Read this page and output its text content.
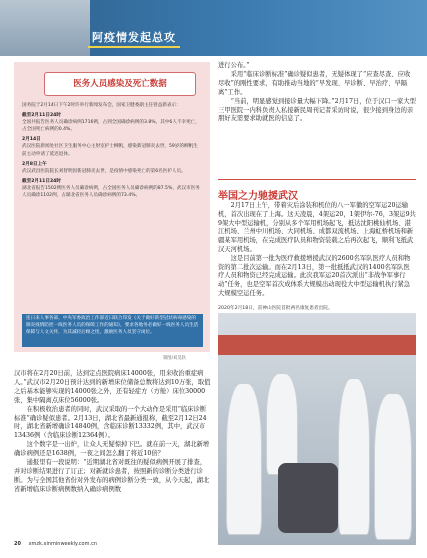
阿疫情发起总攻
医务人员感染及死亡数据
国务院于2月14日下午2时许举行新闻发布会，国家卫健委副主任曾益新表示：
截至2月11日24时
全国共报告医务人员确诊病例1716例，占到全国确诊病例的3.8%，其中6人不幸死亡，占全国死亡病例的0.4%。
2月14日
武汉医院新闻处社区卫生服务中心主射室护士柳帆，感染新冠肺炎去世，59岁的柳帆生前主动申请了延迟退休。
2月8日上午
武汉武昌医院院长刘智明因新冠肺炎去世，是疫情中感染死亡的第6名医护人员。
截至2月11日24时
湖北省报告1502例医务人员确诊病例，占全国医务人员确诊病例的87.5%，武汉市医务人员确诊1102例，占湖北省医务人员确诊病例的73.4%。
连日来人事各部、中央军委政治工作部近日联合印发《关于做好新型冠状病毒感染的肺炎疫情防控一线医务人员的保障工作的通知》，要求各地务必做好一线医务人员生活保障与人文关怀，为其减轻后顾之忧，激励医务人员坚守岗位。
制图/刘昊轶

进行公布。”

采用“临床诊断标准”确诊疑似患者，无疑体现了“应查尽查、应收尽收”的刚性要求，有助推动当地的“早发现、早诊断、早治疗、早隔离”工作。

“当前，明显感觉到接诊量大幅下降。”2月17日，位于汉口一家大型三甲医院一内科负责人私接新民周刊记者采访时说，很少接到身边的亲朋好友需要求助就医的信息了。

举国之力驰援武汉

2月17日上午，带着灾后涂装和机位的八一军徽的空军运20运输机，首次出现在了上海。这天凌晨，4架运20，1架伊尔-76，3架运9共9架大中型运输机，分别从多个军用机场起飞，抵达沈阳桃仙机场、湛江机场、兰州中川机场、大同机场、成都双流机场、上海虹桥机场和新疆某军用机场，在完成医疗队员和物资装载之后再次起飞，顺利飞抵武汉天河机场。

这是目前第一批为医疗救援增援武汉的2600名军队医疗人员和物资的第二批次运输。而在2月13日，第一批抵抵武汉的1400名军队医疗人员和物资已经完成运输。此次我军运20首次派出“非战争军事行动”任务，也是空军首次成体系大规模出动现役大中型运输机执行紧急大规模空运任务。

2020年2月18日，雷神山医院首批两名康复患者出院。

汉市将在2月20日前，达到定点医院病床14000张，用来收治重症病人。”武汉市2月20日预计达到的新增床位储备总数将达到10万张，取值之后基本能够实现的14000张之外，还有轻症方（方舱）床位30000张，集中隔离点床位56000张。

在积极收治患者的同时，武汉采取的一个大动作是采用“临床诊断标准”确诊疑似患者。2月13日，湖北省最新通报称，截至2月12日24时，湖北省新增确诊14840例，含临床诊断13332例，其中，武汉市13436例（含临床诊断12364例）。

这个数字是一出炉，让众人无疑惊掉下巴。就在前一天，湖北新增确诊病例还是1638例，一夜之间怎么翻了将近10倍？

通报里有一段说明：“近期湖北省对既往的疑似病例开展了排查，并对诊断结果进行了订正；对新就诊患者，按照新的诊断分类进行诊断。为与全国其他省份对外发布的病例诊断分类一致，从今天起，湖北省新增临床诊断病例数纳入确诊病例数

20 xmzk.xinminweekly.com.cn
